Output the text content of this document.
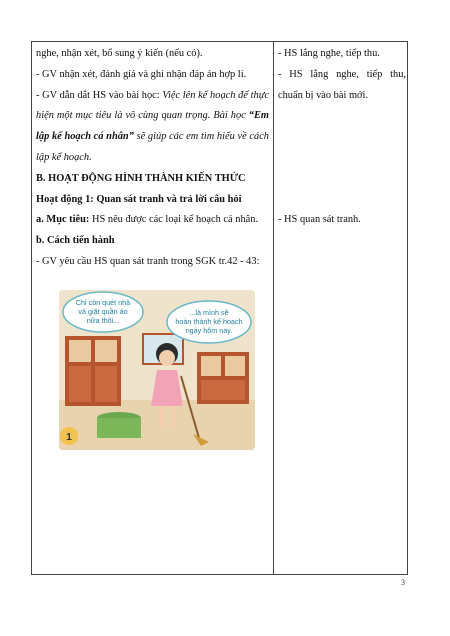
nghe, nhận xét, bổ sung ý kiến (nếu có).

- GV nhận xét, đánh giá và ghi nhận đáp án hợp lí.

- GV dẫn dắt HS vào bài học: Việc lên kế hoạch để thực hiện một mục tiêu là vô cùng quan trọng. Bài học “Em lập kế hoạch cá nhân” sẽ giúp các em tìm hiểu về cách lập kế hoạch.

B. HOẠT ĐỘNG HÌNH THÀNH KIẾN THỨC

Hoạt động 1: Quan sát tranh và trả lời câu hỏi

a. Mục tiêu: HS nêu được các loại kế hoạch cá nhân.

b. Cách tiến hành

- GV yêu cầu HS quan sát tranh trong SGK tr.42 - 43:

- HS lắng nghe, tiếp thu.

- HS lắng nghe, tiếp thu, chuẩn bị vào bài mới.

- HS quan sát tranh.

Chỉ còn quét nhà
và giặt quần áo
nữa thôi...
...là mình sẽ
hoàn thành kế hoạch
ngày hôm nay.
1
3
